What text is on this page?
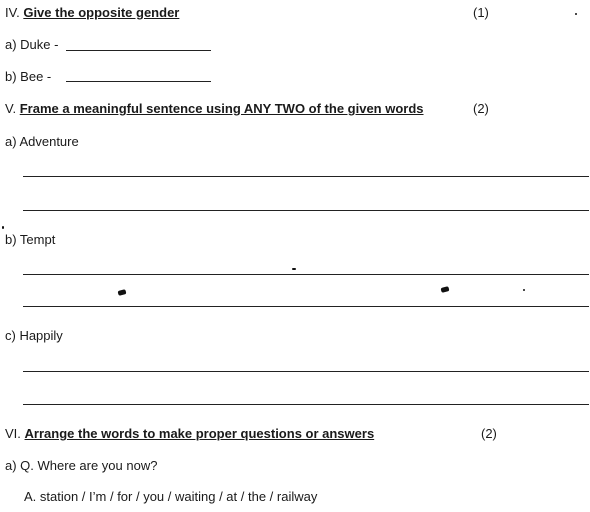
IV. Give the opposite gender	(1)
a) Duke -
b) Bee -
V. Frame a meaningful sentence using ANY TWO of the given words	(2)
a) Adventure
b) Tempt
c) Happily
VI. Arrange the words to make proper questions or answers	(2)
a) Q. Where are you now?
A. station / I’m / for / you / waiting / at / the / railway
